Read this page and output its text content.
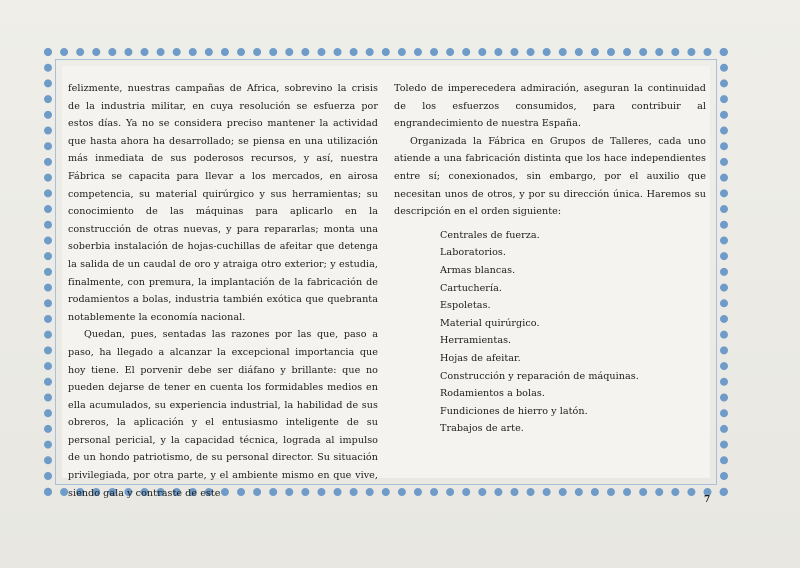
felizmente, nuestras campañas de Africa, sobrevino la crisis de la industria militar, en cuya resolución se esfuerza por estos días. Ya no se considera preciso mantener la actividad que hasta ahora ha desarrollado; se piensa en una utilización más inmediata de sus poderosos recursos, y así, nuestra Fábrica se capacita para llevar a los mercados, en airosa competencia, su material quirúrgico y sus herramientas; su conocimiento de las máquinas para aplicarlo en la construcción de otras nuevas, y para repararlas; monta una soberbia instalación de hojas-cuchillas de afeitar que detenga la salida de un caudal de oro y atraiga otro exterior; y estudia, finalmente, con premura, la implantación de la fabricación de rodamientos a bolas, industria también exótica que quebranta notablemente la economía nacional.

Quedan, pues, sentadas las razones por las que, paso a paso, ha llegado a alcanzar la excepcional importancia que hoy tiene. El porvenir debe ser diáfano y brillante: que no pueden dejarse de tener en cuenta los formidables medios en ella acumulados, su experiencia industrial, la habilidad de sus obreros, la aplicación y el entusiasmo inteligente de su personal pericial, y la capacidad técnica, lograda al impulso de un hondo patriotismo, de su personal director. Su situación privilegiada, por otra parte, y el ambiente mismo en que vive, siendo gala y contraste de este

Toledo de imperecedera admiración, aseguran la continuidad de los esfuerzos consumidos, para contribuir al engrandecimiento de nuestra España.

Organizada la Fábrica en Grupos de Talleres, cada uno atiende a una fabricación distinta que los hace independientes entre sí; conexionados, sin embargo, por el auxilio que necesitan unos de otros, y por su dirección única. Haremos su descripción en el orden siguiente:

Centrales de fuerza.
Laboratorios.
Armas blancas.
Cartuchería.
Espoletas.
Material quirúrgico.
Herramientas.
Hojas de afeitar.
Construcción y reparación de máquinas.
Rodamientos a bolas.
Fundiciones de hierro y latón.
Trabajos de arte.
7
